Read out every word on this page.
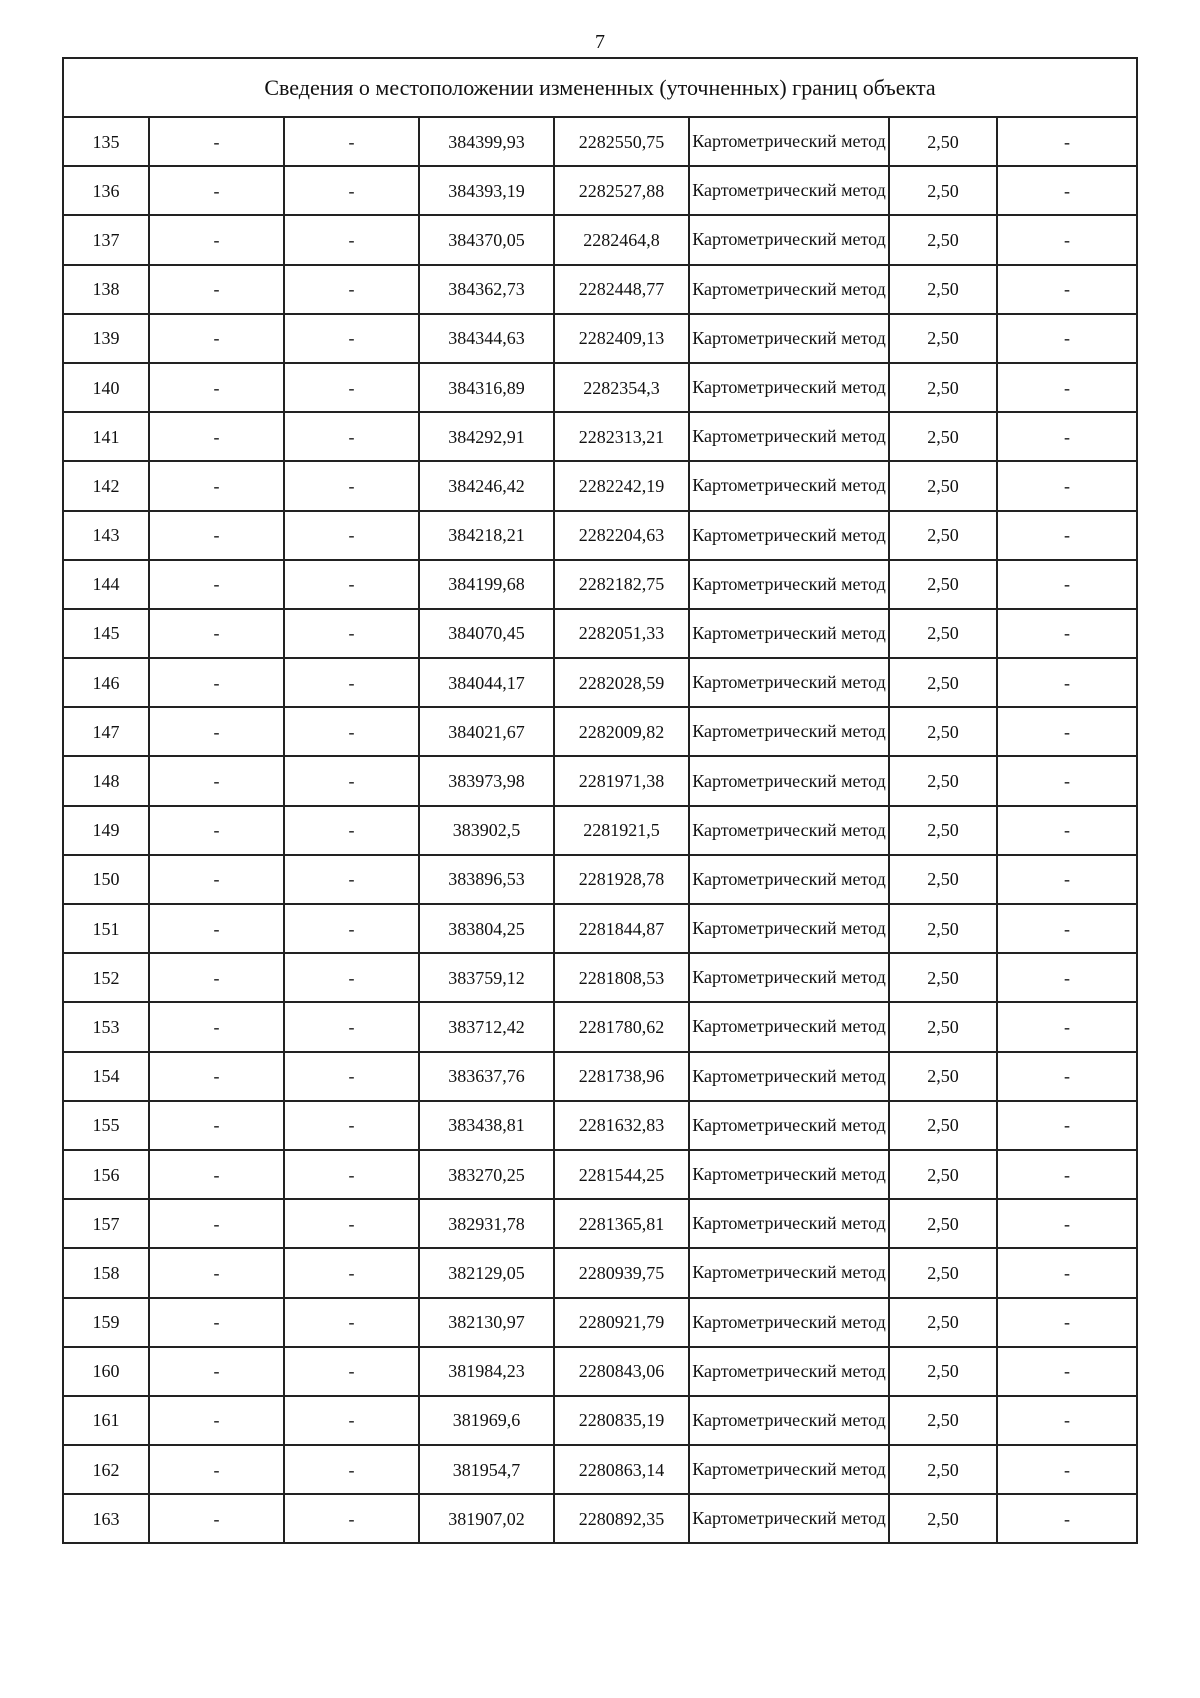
7
Сведения о местоположении измененных (уточненных) границ объекта							
135	-	-	384399,93	2282550,75	Картометрический метод	2,50	-
136	-	-	384393,19	2282527,88	Картометрический метод	2,50	-
137	-	-	384370,05	2282464,8	Картометрический метод	2,50	-
138	-	-	384362,73	2282448,77	Картометрический метод	2,50	-
139	-	-	384344,63	2282409,13	Картометрический метод	2,50	-
140	-	-	384316,89	2282354,3	Картометрический метод	2,50	-
141	-	-	384292,91	2282313,21	Картометрический метод	2,50	-
142	-	-	384246,42	2282242,19	Картометрический метод	2,50	-
143	-	-	384218,21	2282204,63	Картометрический метод	2,50	-
144	-	-	384199,68	2282182,75	Картометрический метод	2,50	-
145	-	-	384070,45	2282051,33	Картометрический метод	2,50	-
146	-	-	384044,17	2282028,59	Картометрический метод	2,50	-
147	-	-	384021,67	2282009,82	Картометрический метод	2,50	-
148	-	-	383973,98	2281971,38	Картометрический метод	2,50	-
149	-	-	383902,5	2281921,5	Картометрический метод	2,50	-
150	-	-	383896,53	2281928,78	Картометрический метод	2,50	-
151	-	-	383804,25	2281844,87	Картометрический метод	2,50	-
152	-	-	383759,12	2281808,53	Картометрический метод	2,50	-
153	-	-	383712,42	2281780,62	Картометрический метод	2,50	-
154	-	-	383637,76	2281738,96	Картометрический метод	2,50	-
155	-	-	383438,81	2281632,83	Картометрический метод	2,50	-
156	-	-	383270,25	2281544,25	Картометрический метод	2,50	-
157	-	-	382931,78	2281365,81	Картометрический метод	2,50	-
158	-	-	382129,05	2280939,75	Картометрический метод	2,50	-
159	-	-	382130,97	2280921,79	Картометрический метод	2,50	-
160	-	-	381984,23	2280843,06	Картометрический метод	2,50	-
161	-	-	381969,6	2280835,19	Картометрический метод	2,50	-
162	-	-	381954,7	2280863,14	Картометрический метод	2,50	-
163	-	-	381907,02	2280892,35	Картометрический метод	2,50	-
